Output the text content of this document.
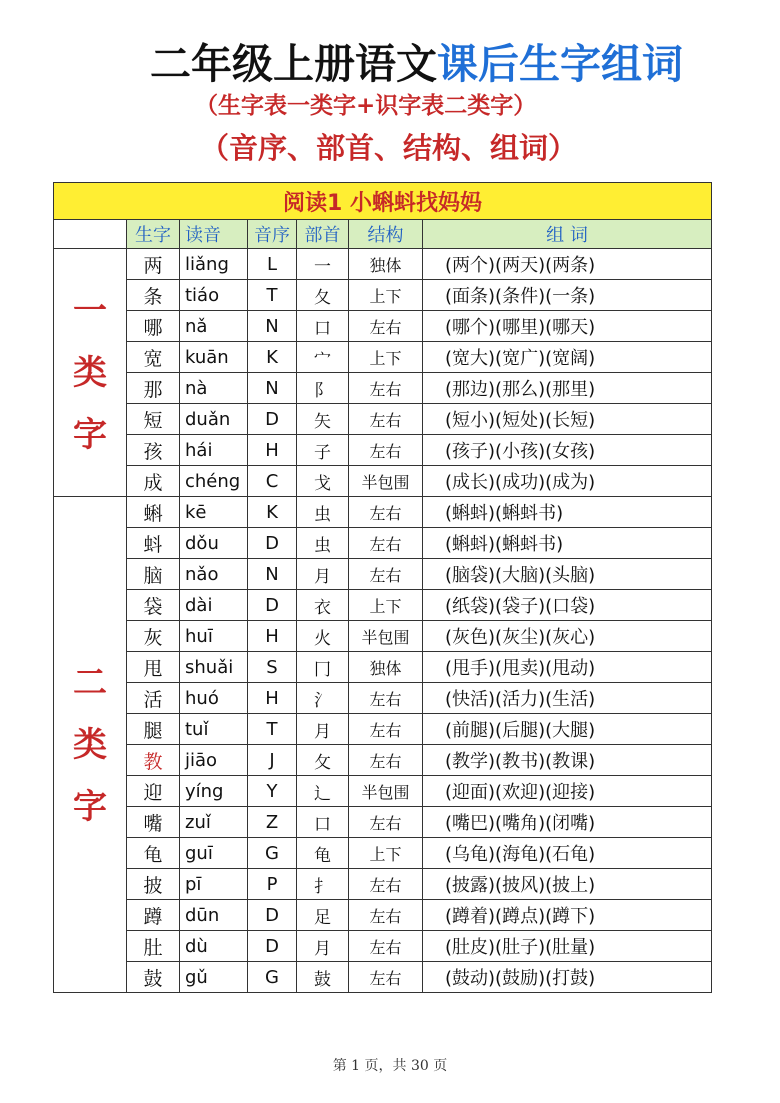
二年级上册语文课后生字组词
（生字表一类字+识字表二类字）
（音序、部首、结构、组词）
阅读1 小蝌蚪找妈妈						
	生字	读音	音序	部首	结构	组 词

一
类
字	两	liǎng	L	一	独体	(两个)(两天)(两条)
	条	tiáo	T	夂	上下	(面条)(条件)(一条)
	哪	nǎ	N	口	左右	(哪个)(哪里)(哪天)
	宽	kuān	K	宀	上下	(宽大)(宽广)(宽阔)
	那	nà	N	阝	左右	(那边)(那么)(那里)
	短	duǎn	D	矢	左右	(短小)(短处)(长短)
	孩	hái	H	子	左右	(孩子)(小孩)(女孩)
	成	chéng	C	戈	半包围	(成长)(成功)(成为)

二
类
字	蝌	kē	K	虫	左右	(蝌蚪)(蝌蚪书)
	蚪	dǒu	D	虫	左右	(蝌蚪)(蝌蚪书)
	脑	nǎo	N	月	左右	(脑袋)(大脑)(头脑)
	袋	dài	D	衣	上下	(纸袋)(袋子)(口袋)
	灰	huī	H	火	半包围	(灰色)(灰尘)(灰心)
	甩	shuǎi	S	冂	独体	(甩手)(甩卖)(甩动)
	活	huó	H	氵	左右	(快活)(活力)(生活)
	腿	tuǐ	T	月	左右	(前腿)(后腿)(大腿)
	教	jiāo	J	攵	左右	(教学)(教书)(教课)
	迎	yíng	Y	辶	半包围	(迎面)(欢迎)(迎接)
	嘴	zuǐ	Z	口	左右	(嘴巴)(嘴角)(闭嘴)
	龟	guī	G	龟	上下	(乌龟)(海龟)(石龟)
	披	pī	P	扌	左右	(披露)(披风)(披上)
	蹲	dūn	D	足	左右	(蹲着)(蹲点)(蹲下)
	肚	dù	D	月	左右	(肚皮)(肚子)(肚量)
	鼓	gǔ	G	鼓	左右	(鼓动)(鼓励)(打鼓)
第 1 页，共 30 页
